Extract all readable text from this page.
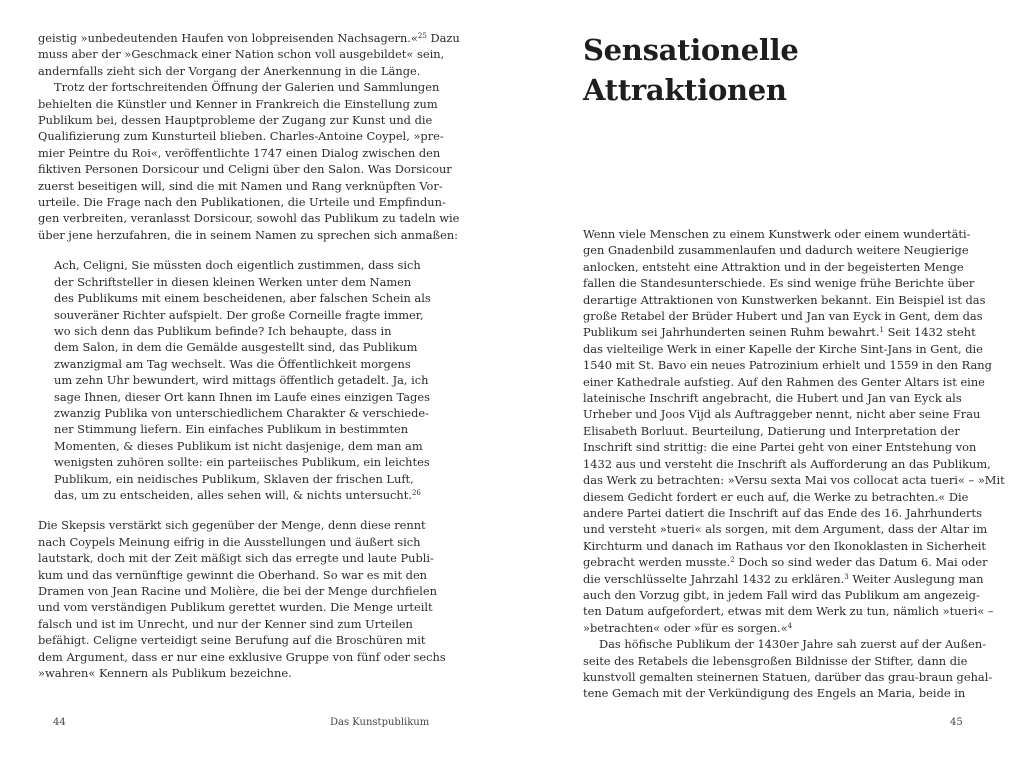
geistig »unbedeutenden Haufen von lobpreisenden Nachsagern.«$^{25}$ Dazu
muss aber der »Geschmack einer Nation schon voll ausgebildet« sein,
andernfalls zieht sich der Vorgang der Anerkennung in die Länge.
Trotz der fortschreitenden Öffnung der Galerien und Sammlungen
behielten die Künstler und Kenner in Frankreich die Einstellung zum
Publikum bei, dessen Hauptprobleme der Zugang zur Kunst und die
Qualifizierung zum Kunsturteil blieben. Charles-Antoine Coypel, »pre-
mier Peintre du Roi«, veröffentlichte 1747 einen Dialog zwischen den
fiktiven Personen Dorsicour und Celigni über den Salon. Was Dorsicour
zuerst beseitigen will, sind die mit Namen und Rang verknüpften Vor-
urteile. Die Frage nach den Publikationen, die Urteile und Empfindun-
gen verbreiten, veranlasst Dorsicour, sowohl das Publikum zu tadeln wie
über jene herzufahren, die in seinem Namen zu sprechen sich anmaßen:
Ach, Celigni, Sie müssten doch eigentlich zustimmen, dass sich
der Schriftsteller in diesen kleinen Werken unter dem Namen
des Publikums mit einem bescheidenen, aber falschen Schein als
souveräner Richter aufspielt. Der große Corneille fragte immer,
wo sich denn das Publikum befinde? Ich behaupte, dass in
dem Salon, in dem die Gemälde ausgestellt sind, das Publikum
zwanzigmal am Tag wechselt. Was die Öffentlichkeit morgens
um zehn Uhr bewundert, wird mittags öffentlich getadelt. Ja, ich
sage Ihnen, dieser Ort kann Ihnen im Laufe eines einzigen Tages
zwanzig Publika von unterschiedlichem Charakter & verschiede-
ner Stimmung liefern. Ein einfaches Publikum in bestimmten
Momenten, & dieses Publikum ist nicht dasjenige, dem man am
wenigsten zuhören sollte: ein parteiisches Publikum, ein leichtes
Publikum, ein neidisches Publikum, Sklaven der frischen Luft,
das, um zu entscheiden, alles sehen will, & nichts untersucht.$^{26}$
Die Skepsis verstärkt sich gegenüber der Menge, denn diese rennt
nach Coypels Meinung eifrig in die Ausstellungen und äußert sich
lautstark, doch mit der Zeit mäßigt sich das erregte und laute Publi-
kum und das vernünftige gewinnt die Oberhand. So war es mit den
Dramen von Jean Racine und Molière, die bei der Menge durchfielen
und vom verständigen Publikum gerettet wurden. Die Menge urteilt
falsch und ist im Unrecht, und nur der Kenner sind zum Urteilen
befähigt. Celigne verteidigt seine Berufung auf die Broschüren mit
dem Argument, dass er nur eine exklusive Gruppe von fünf oder sechs
»wahren« Kennern als Publikum bezeichne.
44	Das Kunstpublikum
Sensationelle
Attraktionen
Wenn viele Menschen zu einem Kunstwerk oder einem wundertäti-
gen Gnadenbild zusammenlaufen und dadurch weitere Neugierige
anlocken, entsteht eine Attraktion und in der begeisterten Menge
fallen die Standesunterschiede. Es sind wenige frühe Berichte über
derartige Attraktionen von Kunstwerken bekannt. Ein Beispiel ist das
große Retabel der Brüder Hubert und Jan van Eyck in Gent, dem das
Publikum sei Jahrhunderten seinen Ruhm bewahrt.$^1$ Seit 1432 steht
das vielteilige Werk in einer Kapelle der Kirche Sint-Jans in Gent, die
1540 mit St. Bavo ein neues Patrozinium erhielt und 1559 in den Rang
einer Kathedrale aufstieg. Auf den Rahmen des Genter Altars ist eine
lateinische Inschrift angebracht, die Hubert und Jan van Eyck als
Urheber und Joos Vijd als Auftraggeber nennt, nicht aber seine Frau
Elisabeth Borluut. Beurteilung, Datierung und Interpretation der
Inschrift sind strittig: die eine Partei geht von einer Entstehung von
1432 aus und versteht die Inschrift als Aufforderung an das Publikum,
das Werk zu betrachten: »Versu sexta Mai vos collocat acta tueri« – »Mit
diesem Gedicht fordert er euch auf, die Werke zu betrachten.« Die
andere Partei datiert die Inschrift auf das Ende des 16. Jahrhunderts
und versteht »tueri« als sorgen, mit dem Argument, dass der Altar im
Kirchturm und danach im Rathaus vor den Ikonoklasten in Sicherheit
gebracht werden musste.$^2$ Doch so sind weder das Datum 6. Mai oder
die verschlüsselte Jahrzahl 1432 zu erklären.$^3$ Weiter Auslegung man
auch den Vorzug gibt, in jedem Fall wird das Publikum am angezeig-
ten Datum aufgefordert, etwas mit dem Werk zu tun, nämlich »tueri« –
»betrachten« oder »für es sorgen.«$^4$
Das höfische Publikum der 1430er Jahre sah zuerst auf der Außen-
seite des Retabels die lebensgroßen Bildnisse der Stifter, dann die
kunstvoll gemalten steinernen Statuen, darüber das grau-braun gehal-
tene Gemach mit der Verkündigung des Engels an Maria, beide in
45
